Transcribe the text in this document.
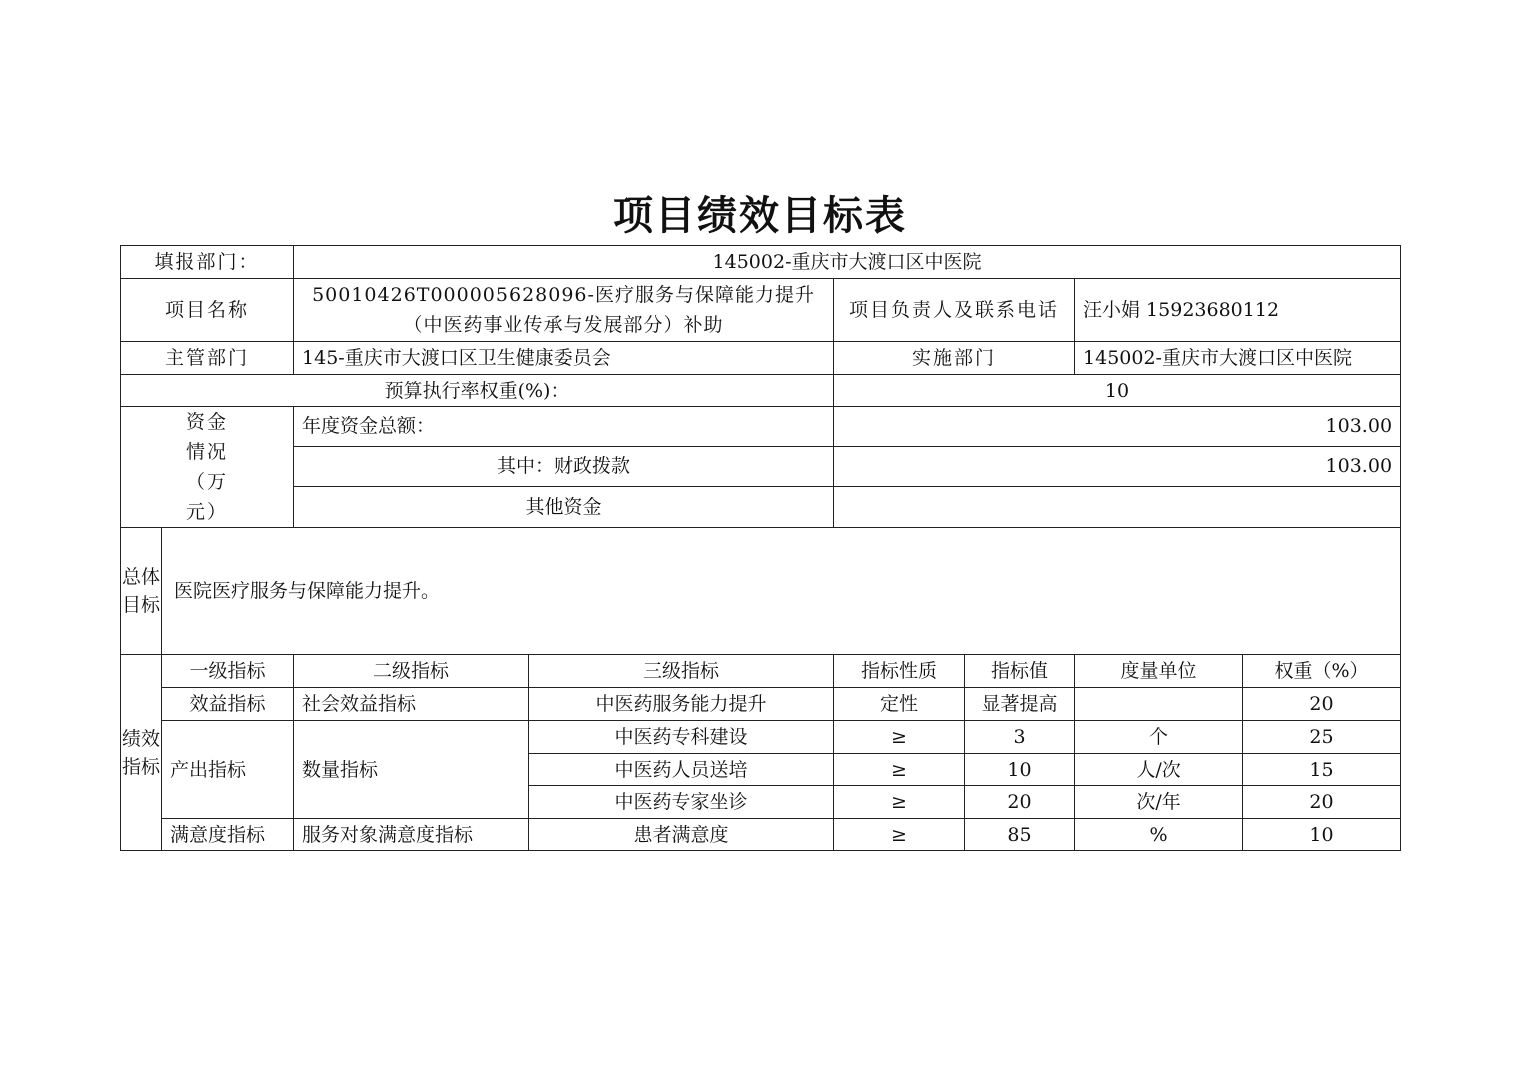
项目绩效目标表
填报部门：		145002-重庆市大渡口区中医院					
项目名称		50010426T000005628096-医疗服务与保障能力提升（中医药事业传承与发展部分）补助		项目负责人及联系电话		汪小娟 15923680112	
主管部门		145-重庆市大渡口区卫生健康委员会		实施部门		145002-重庆市大渡口区中医院	
预算执行率权重(%)：				10			
资金情况（万元）		年度资金总额：		103.00			
		其中：财政拨款		103.00			
		其他资金					
总体目标	医院医疗服务与保障能力提升。						
绩效指标	一级指标	二级指标	三级指标	指标性质	指标值	度量单位	权重（%）
	效益指标	社会效益指标	中医药服务能力提升	定性	显著提高		20
	产出指标	数量指标	中医药专科建设	≥	3	个	25
			中医药人员送培	≥	10	人/次	15
			中医药专家坐诊	≥	20	次/年	20
	满意度指标	服务对象满意度指标	患者满意度	≥	85	%	10
